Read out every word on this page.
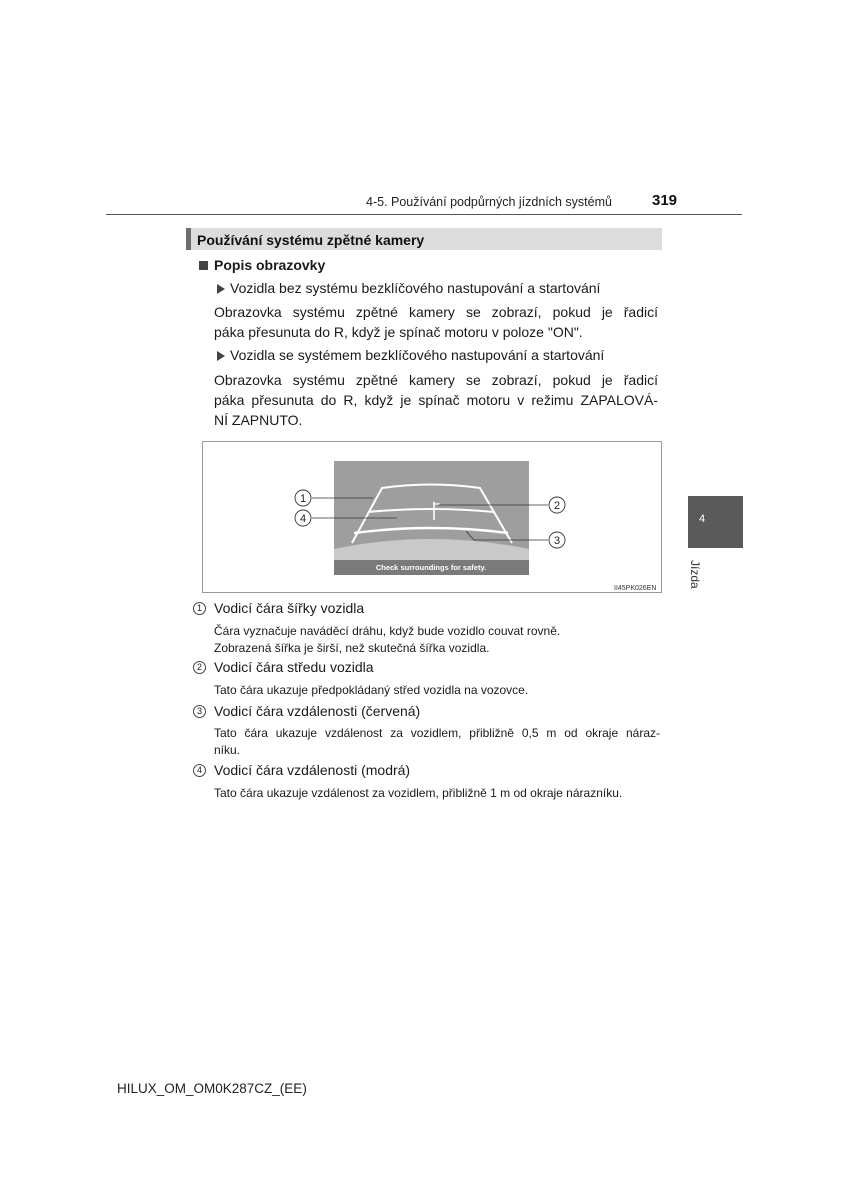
4-5. Používání podpůrných jízdních systémů	319
Používání systému zpětné kamery
Popis obrazovky
Vozidla bez systému bezklíčového nastupování a startování
Obrazovka systému zpětné kamery se zobrazí, pokud je řadicí
páka přesunuta do R, když je spínač motoru v poloze "ON".
Vozidla se systémem bezklíčového nastupování a startování
Obrazovka systému zpětné kamery se zobrazí, pokud je řadicí
páka přesunuta do R, když je spínač motoru v režimu ZAPALOVÁ-
NÍ ZAPNUTO.
Check surroundings for safety.
1
4
2
3
II45PK026EN
4
Jízda
1 Vodicí čára šířky vozidla
Čára vyznačuje naváděcí dráhu, když bude vozidlo couvat rovně.
Zobrazená šířka je širší, než skutečná šířka vozidla.
2 Vodicí čára středu vozidla
Tato čára ukazuje předpokládaný střed vozidla na vozovce.
3 Vodicí čára vzdálenosti (červená)
Tato čára ukazuje vzdálenost za vozidlem, přibližně 0,5 m od okraje náraz-
níku.
4 Vodicí čára vzdálenosti (modrá)
Tato čára ukazuje vzdálenost za vozidlem, přibližně 1 m od okraje nárazníku.
HILUX_OM_OM0K287CZ_(EE)
